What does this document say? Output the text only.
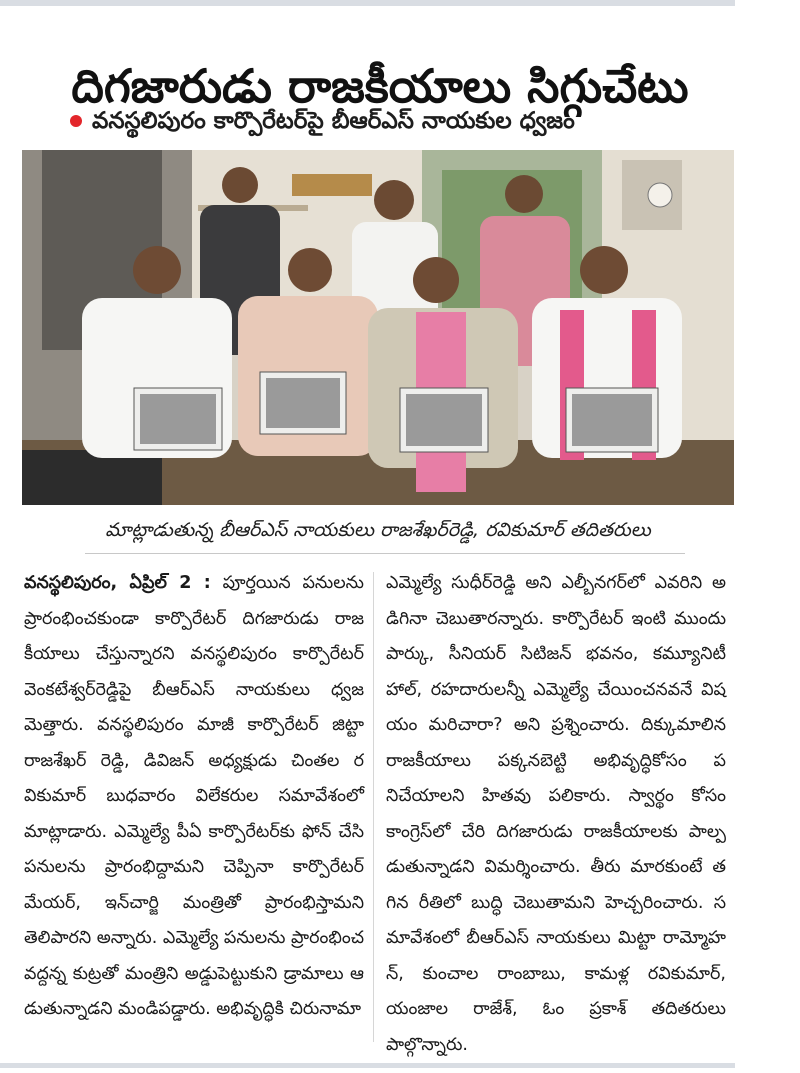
దిగజారుడు రాజకీయాలు సిగ్గుచేటు
వనస్థలిపురం కార్పొరేటర్‌పై బీఆర్‌ఎస్ నాయకుల ధ్వజం
మాట్లాడుతున్న బీఆర్‌ఎస్ నాయకులు రాజశేఖర్‌రెడ్డి, రవికుమార్ తదితరులు
వనస్థలిపురం, ఏప్రిల్ 2 : పూర్తయిన పనులను ప్రారంభించకుండా కార్పొరేటర్ దిగజారుడు రాజకీయాలు చేస్తున్నారని వనస్థలిపురం కార్పొరేటర్ వెంకటేశ్వర్‌రెడ్డిపై బీఆర్‌ఎస్ నాయకులు ధ్వజమెత్తారు. వనస్థలిపురం మాజీ కార్పొరేటర్ జిట్టా రాజశేఖర్ రెడ్డి, డివిజన్ అధ్యక్షుడు చింతల రవికుమార్ బుధవారం విలేకరుల సమావేశంలో మాట్లాడారు. ఎమ్మెల్యే పీఏ కార్పొరేటర్‌కు ఫోన్ చేసి పనులను ప్రారంభిద్దామని చెప్పినా కార్పొరేటర్ మేయర్, ఇన్‌చార్జి మంత్రితో ప్రారంభిస్తామని తెలిపారని అన్నారు. ఎమ్మెల్యే పనులను ప్రారంభించవద్దన్న కుట్రతో మంత్రిని అడ్డుపెట్టుకుని డ్రామాలు ఆడుతున్నాడని మండిపడ్డారు. అభివృద్ధికి చిరునామా
ఎమ్మెల్యే సుధీర్‌రెడ్డి అని ఎల్బీనగర్‌లో ఎవరిని అడిగినా చెబుతారన్నారు. కార్పొరేటర్ ఇంటి ముందు పార్కు, సీనియర్ సిటిజన్ భవనం, కమ్యూనిటీ హాల్, రహదారులన్నీ ఎమ్మెల్యే చేయించనవనే విషయం మరిచారా? అని ప్రశ్నించారు. దిక్కుమాలిన రాజకీయాలు పక్కనబెట్టి అభివృద్ధికోసం పనిచేయాలని హితవు పలికారు. స్వార్థం కోసం కాంగ్రెస్‌లో చేరి దిగజారుడు రాజకీయాలకు పాల్పడుతున్నాడని విమర్శించారు. తీరు మారకుంటే తగిన రీతిలో బుద్ధి చెబుతామని హెచ్చరించారు. సమావేశంలో బీఆర్‌ఎస్ నాయకులు మిట్టా రామ్మోహన్, కుంచాల రాంబాబు, కామళ్ల రవికుమార్, యంజాల రాజేశ్, ఓం ప్రకాశ్ తదితరులు పాల్గొన్నారు.
